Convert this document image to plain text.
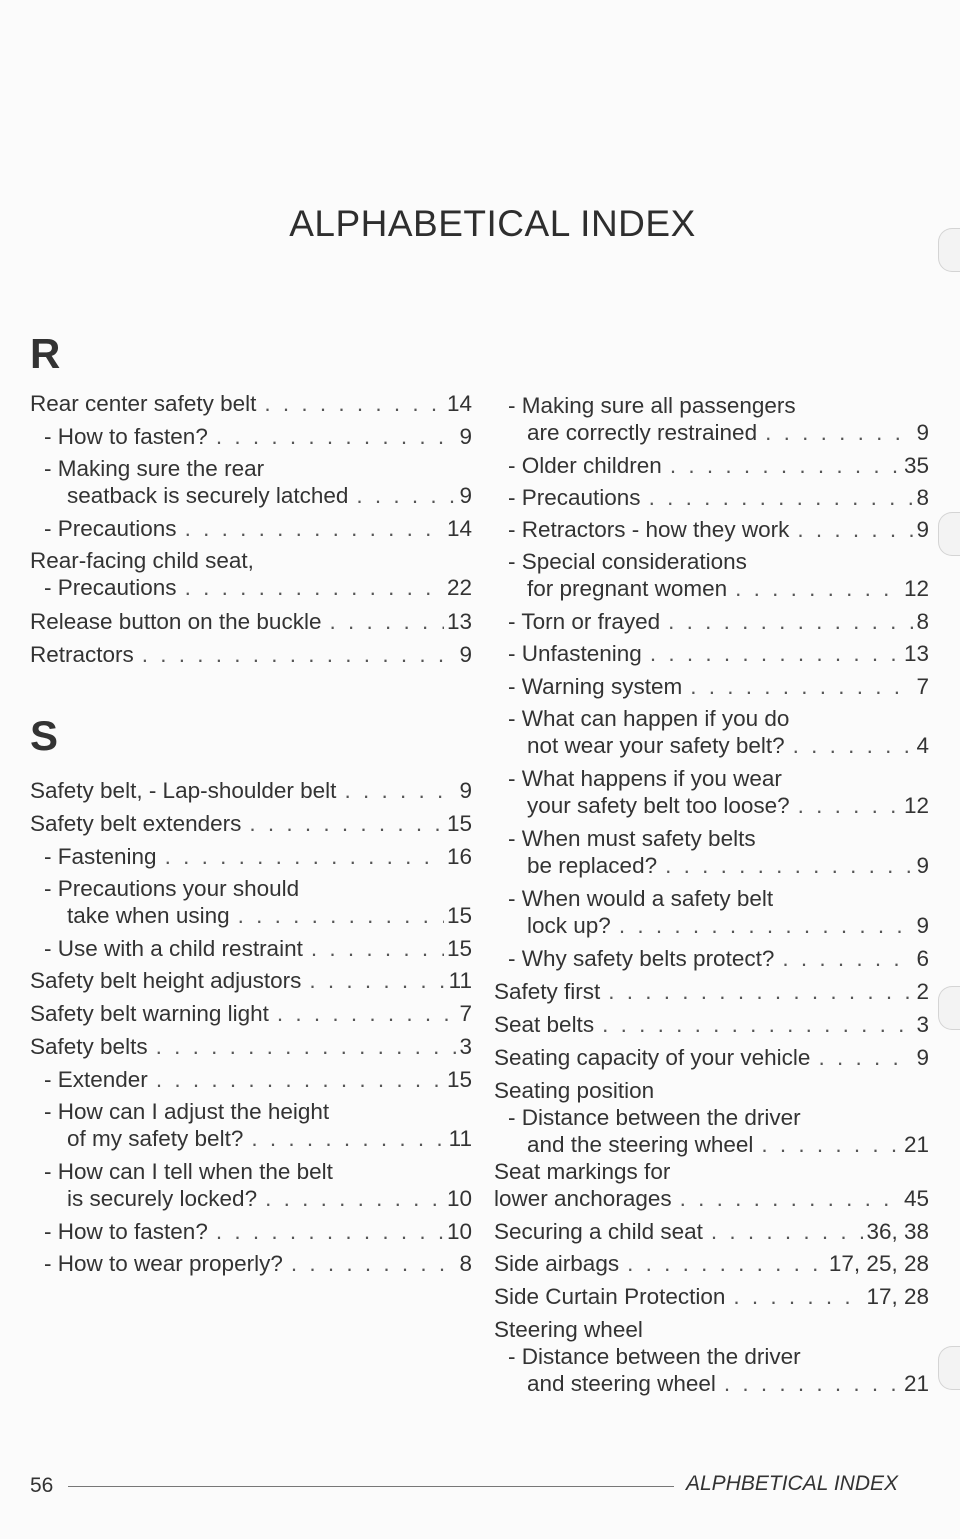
ALPHABETICAL INDEX
R
Rear center safety belt . . .	14
- How to fasten? . . .	9
- Making sure the rear
seatback is securely latched . . .	9
- Precautions . . .	14
Rear-facing child seat,
- Precautions . . .	22
Release button on the buckle . . .	13
Retractors . . .	9
S
Safety belt, - Lap-shoulder belt . . .	9
Safety belt extenders . . .	15
- Fastening . . .	16
- Precautions your should
take when using . . .	15
- Use with a child restraint . . .	15
Safety belt height adjustors . . .	11
Safety belt warning light . . .	7
Safety belts . . .	3
- Extender . . .	15
- How can I adjust the height
of my safety belt? . . .	11
- How can I tell when the belt
is securely locked? . . .	10
- How to fasten? . . .	10
- How to wear properly? . . .	8
- Making sure all passengers
are correctly restrained . . .	9
- Older children . . .	35
- Precautions . . .	8
- Retractors - how they work . . .	9
- Special considerations
for pregnant women . . .	12
- Torn or frayed . . .	8
- Unfastening . . .	13
- Warning system . . .	7
- What can happen if you do
not wear your safety belt? . . .	4
- What happens if you wear
your safety belt too loose? . . .	12
- When must safety belts
be replaced? . . .	9
- When would a safety belt
lock up? . . .	9
- Why safety belts protect? . . .	6
Safety first . . .	2
Seat belts . . .	3
Seating capacity of your vehicle . . .	9
Seating position
- Distance between the driver
and the steering wheel . . .	21
Seat markings for
lower anchorages . . .	45
Securing a child seat . . .	36, 38
Side airbags . . .	17, 25, 28
Side Curtain Protection . . .	17, 28
Steering wheel
- Distance between the driver
and steering wheel . . .	21
56	ALPHBETICAL INDEX
